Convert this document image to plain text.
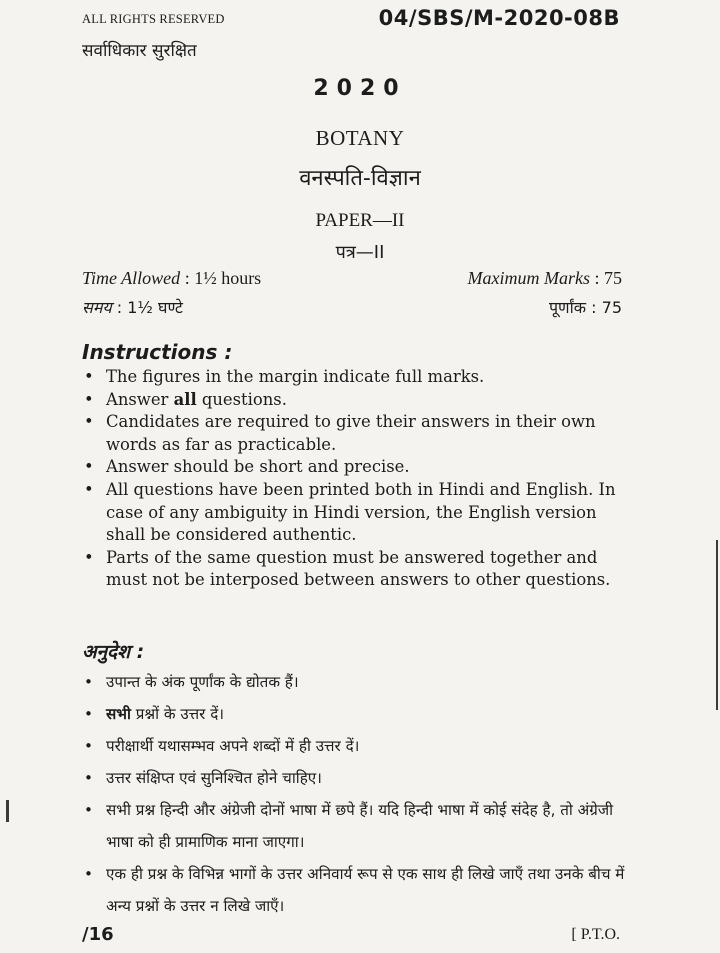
ALL RIGHTS RESERVED	04/SBS/M-2020-08B
सर्वाधिकार सुरक्षित
2020
BOTANY
वनस्पति-विज्ञान
PAPER—II
पत्र—II
Time Allowed : 1½ hours	Maximum Marks : 75
समय : 1½ घण्टे	पूर्णांक : 75
Instructions :
• The figures in the margin indicate full marks.
• Answer all questions.
• Candidates are required to give their answers in their own words as far as practicable.
• Answer should be short and precise.
• All questions have been printed both in Hindi and English. In case of any ambiguity in Hindi version, the English version shall be considered authentic.
• Parts of the same question must be answered together and must not be interposed between answers to other questions.
अनुदेश :
• उपान्त के अंक पूर्णांक के द्योतक हैं।
• सभी प्रश्नों के उत्तर दें।
• परीक्षार्थी यथासम्भव अपने शब्दों में ही उत्तर दें।
• उत्तर संक्षिप्त एवं सुनिश्चित होने चाहिए।
• सभी प्रश्न हिन्दी और अंग्रेजी दोनों भाषा में छपे हैं। यदि हिन्दी भाषा में कोई संदेह है, तो अंग्रेजी भाषा को ही प्रामाणिक माना जाएगा।
• एक ही प्रश्न के विभिन्न भागों के उत्तर अनिवार्य रूप से एक साथ ही लिखे जाएँ तथा उनके बीच में अन्य प्रश्नों के उत्तर न लिखे जाएँ।
/16	[ P.T.O.
